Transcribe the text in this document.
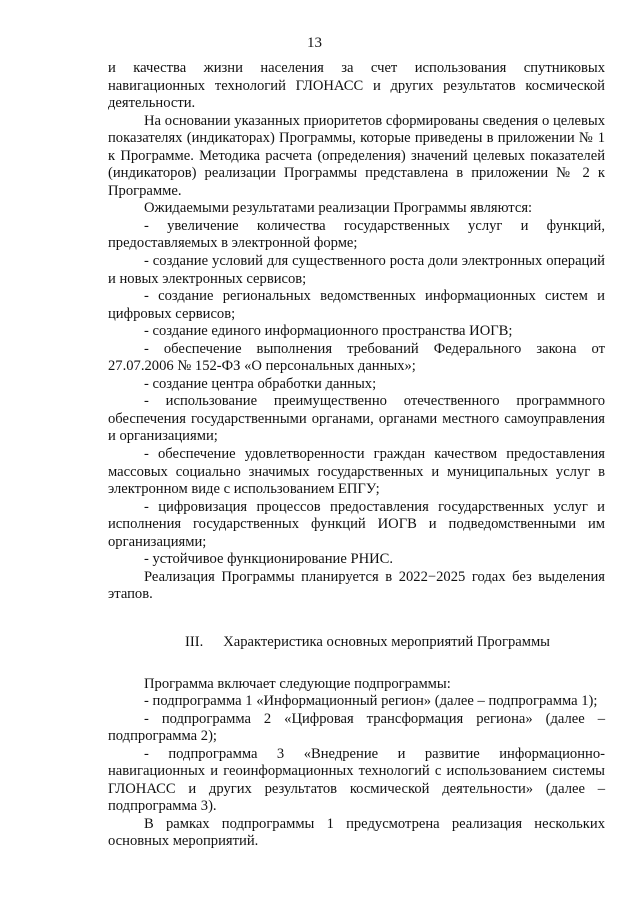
13

и качества жизни населения за счет использования спутниковых навигационных технологий ГЛОНАСС и других результатов космической деятельности.

На основании указанных приоритетов сформированы сведения о целевых показателях (индикаторах) Программы, которые приведены в приложении № 1 к Программе. Методика расчета (определения) значений целевых показателей (индикаторов) реализации Программы представлена в приложении № 2 к Программе.

Ожидаемыми результатами реализации Программы являются:

- увеличение количества государственных услуг и функций, предоставляемых в электронной форме;

- создание условий для существенного роста доли электронных операций и новых электронных сервисов;

- создание региональных ведомственных информационных систем и цифровых сервисов;

- создание единого информационного пространства ИОГВ;

- обеспечение выполнения требований Федерального закона от 27.07.2006 № 152-ФЗ «О персональных данных»;

- создание центра обработки данных;

- использование преимущественно отечественного программного обеспечения государственными органами, органами местного самоуправления и организациями;

- обеспечение удовлетворенности граждан качеством предоставления массовых социально значимых государственных и муниципальных услуг в электронном виде с использованием ЕПГУ;

- цифровизация процессов предоставления государственных услуг и исполнения государственных функций ИОГВ и подведомственными им организациями;

- устойчивое функционирование РНИС.

Реализация Программы планируется в 2022−2025 годах без выделения этапов.

III. Характеристика основных мероприятий Программы

Программа включает следующие подпрограммы:

- подпрограмма 1 «Информационный регион» (далее – подпрограмма 1);

- подпрограмма 2 «Цифровая трансформация региона» (далее – подпрограмма 2);

- подпрограмма 3 «Внедрение и развитие информационно-навигационных и геоинформационных технологий с использованием системы ГЛОНАСС и других результатов космической деятельности» (далее – подпрограмма 3).

В рамках подпрограммы 1 предусмотрена реализация нескольких основных мероприятий.
